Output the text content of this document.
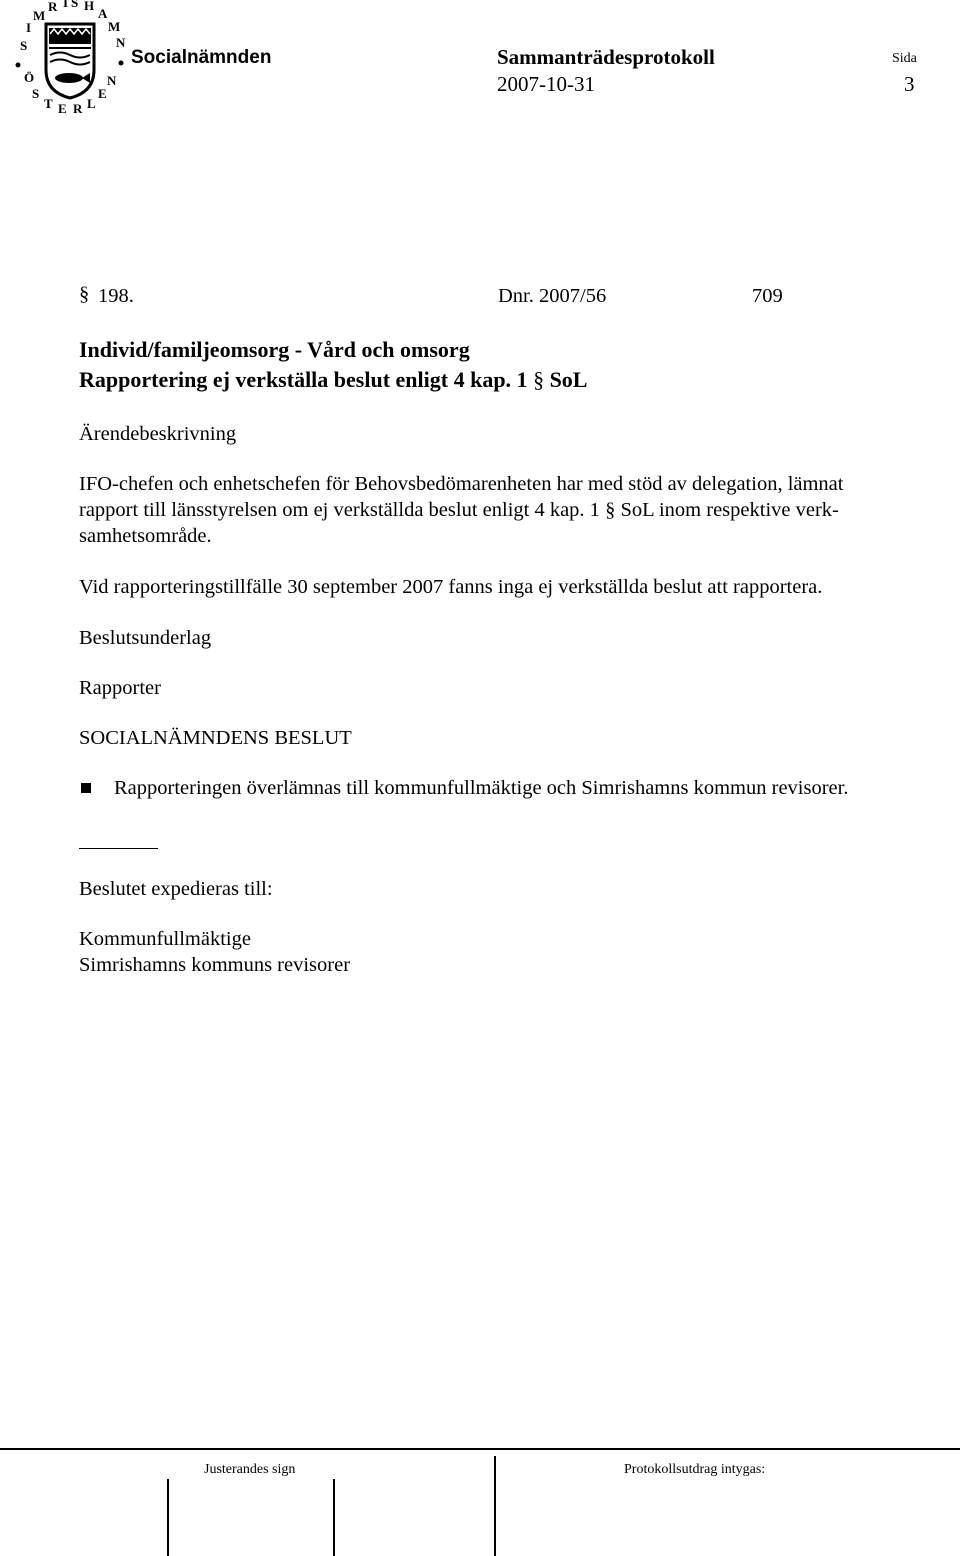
S
I
M
R I S H
A
M
N
Ö
S
T E R L
E
N
Socialnämnden	Sammanträdesprotokoll	Sida
2007-10-31	3
§ 198.	Dnr. 2007/56	709
Individ/familjeomsorg - Vård och omsorg
Rapportering ej verkställa beslut enligt 4 kap. 1 § SoL
Ärendebeskrivning
IFO-chefen och enhetschefen för Behovsbedömarenheten har med stöd av delegation, lämnat
rapport till länsstyrelsen om ej verkställda beslut enligt 4 kap. 1 § SoL inom respektive verk-
samhetsområde.
Vid rapporteringstillfälle 30 september 2007 fanns inga ej verkställda beslut att rapportera.
Beslutsunderlag
Rapporter
SOCIALNÄMNDENS BESLUT
Rapporteringen överlämnas till kommunfullmäktige och Simrishamns kommun revisorer.
Beslutet expedieras till:
Kommunfullmäktige
Simrishamns kommuns revisorer
Justerandes sign	Protokollsutdrag intygas:
